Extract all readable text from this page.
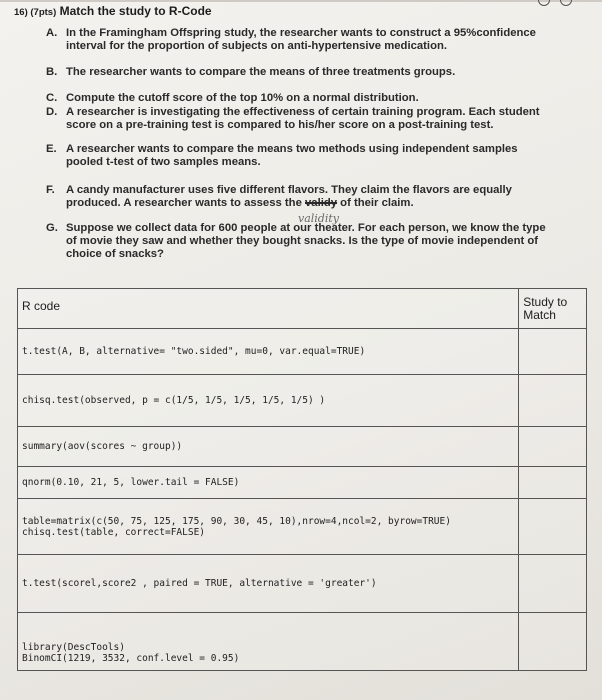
16) (7pts) Match the study to R-Code
A. In the Framingham Offspring study, the researcher wants to construct a 95%confidence interval for the proportion of subjects on anti-hypertensive medication.
B. The researcher wants to compare the means of three treatments groups.
C. Compute the cutoff score of the top 10% on a normal distribution.
D. A researcher is investigating the effectiveness of certain training program. Each student score on a pre-training test is compared to his/her score on a post-training test.
E. A researcher wants to compare the means two methods using independent samples pooled t-test of two samples means.
F. A candy manufacturer uses five different flavors. They claim the flavors are equally produced. A researcher wants to assess the validy of their claim.
validity
G. Suppose we collect data for 600 people at our theater. For each person, we know the type of movie they saw and whether they bought snacks. Is the type of movie independent of choice of snacks?
R code	Study to Match
t.test(A, B, alternative= "two.sided", mu=0, var.equal=TRUE)	
chisq.test(observed, p = c(1/5, 1/5, 1/5, 1/5, 1/5) )	
summary(aov(scores ~ group))	
qnorm(0.10, 21, 5, lower.tail = FALSE)	
table=matrix(c(50, 75, 125, 175, 90, 30, 45, 10),nrow=4,ncol=2, byrow=TRUE)
chisq.test(table, correct=FALSE)	
t.test(scorel,score2 , paired = TRUE, alternative = 'greater')	
library(DescTools)
BinomCI(1219, 3532, conf.level = 0.95)	
